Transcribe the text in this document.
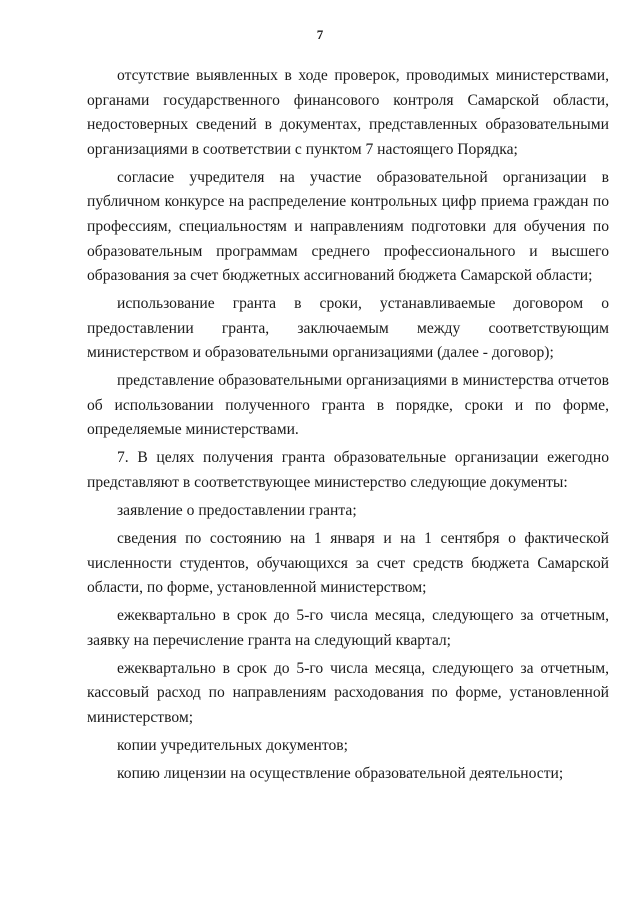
7

отсутствие выявленных в ходе проверок, проводимых министерствами, органами государственного финансового контроля Самарской области, недостоверных сведений в документах, представленных образовательными организациями в соответствии с пунктом 7 настоящего Порядка;

согласие учредителя на участие образовательной организации в публичном конкурсе на распределение контрольных цифр приема граждан по профессиям, специальностям и направлениям подготовки для обучения по образовательным программам среднего профессионального и высшего образования за счет бюджетных ассигнований бюджета Самарской области;

использование гранта в сроки, устанавливаемые договором о предоставлении гранта, заключаемым между соответствующим министерством и образовательными организациями (далее - договор);

представление образовательными организациями в министерства отчетов об использовании полученного гранта в порядке, сроки и по форме, определяемые министерствами.

7. В целях получения гранта образовательные организации ежегодно представляют в соответствующее министерство следующие документы:

заявление о предоставлении гранта;

сведения по состоянию на 1 января и на 1 сентября о фактической численности студентов, обучающихся за счет средств бюджета Самарской области, по форме, установленной министерством;

ежеквартально в срок до 5-го числа месяца, следующего за отчетным, заявку на перечисление гранта на следующий квартал;

ежеквартально в срок до 5-го числа месяца, следующего за отчетным, кассовый расход по направлениям расходования по форме, установленной министерством;

копии учредительных документов;

копию лицензии на осуществление образовательной деятельности;
